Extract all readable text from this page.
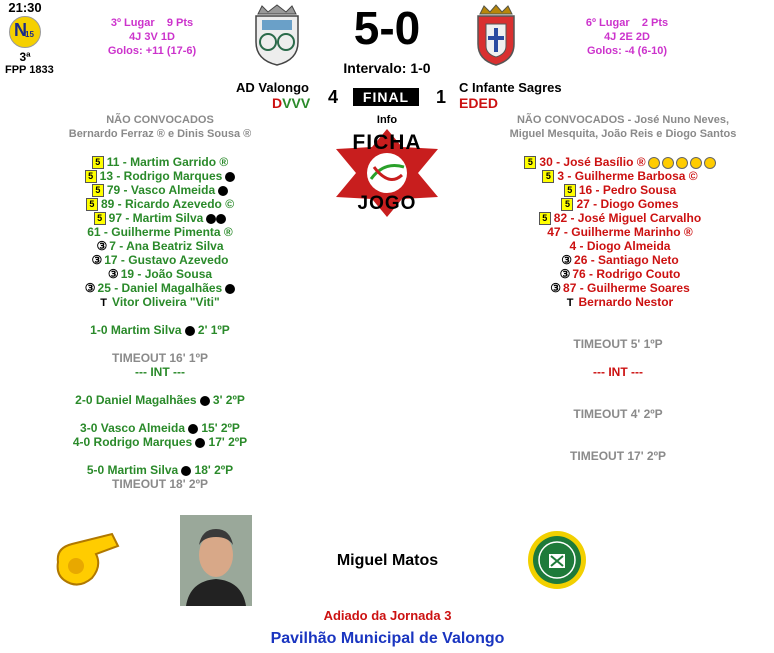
21:30
N
15
3ª
FPP 1833
3º Lugar 9 Pts
4J 3V 1D
Golos: +11 (17-6)	5-0
Intervalo: 1-0
6º Lugar 2 Pts
4J 2E 2D
Golos: -4 (6-10)
AD Valongo
DVVV 4	FINAL	1 C Infante Sagres
EDED
Info
FICHA
JOGO
NÃO CONVOCADOS
Bernardo Ferraz ® e Dinis Sousa ®
NÃO CONVOCADOS - José Nuno Neves,
Miguel Mesquita, João Reis e Diogo Santos
5 11 - Martim Garrido ®
5 13 - Rodrigo Marques
5 79 - Vasco Almeida
5 89 - Ricardo Azevedo ©
5 97 - Martim Silva
61 - Guilherme Pimenta ®
③ 7 - Ana Beatriz Silva
③ 17 - Gustavo Azevedo
③ 19 - João Sousa
③ 25 - Daniel Magalhães
T Vitor Oliveira "Viti"
5 30 - José Basílio ®
5 3 - Guilherme Barbosa ©
5 16 - Pedro Sousa
5 27 - Diogo Gomes
5 82 - José Miguel Carvalho
47 - Guilherme Marinho ®
4 - Diogo Almeida
③ 26 - Santiago Neto
③ 76 - Rodrigo Couto
③ 87 - Guilherme Soares
T Bernardo Nestor
1-0 Martim Silva 2' 1ºP
TIMEOUT 16' 1ºP
--- INT ---
2-0 Daniel Magalhães 3' 2ºP
3-0 Vasco Almeida 15' 2ºP
4-0 Rodrigo Marques 17' 2ºP
5-0 Martim Silva 18' 2ºP
TIMEOUT 18' 2ºP
TIMEOUT 5' 1ºP
--- INT ---
TIMEOUT 4' 2ºP
TIMEOUT 17' 2ºP
Miguel Matos
Adiado da Jornada 3
Pavilhão Municipal de Valongo
